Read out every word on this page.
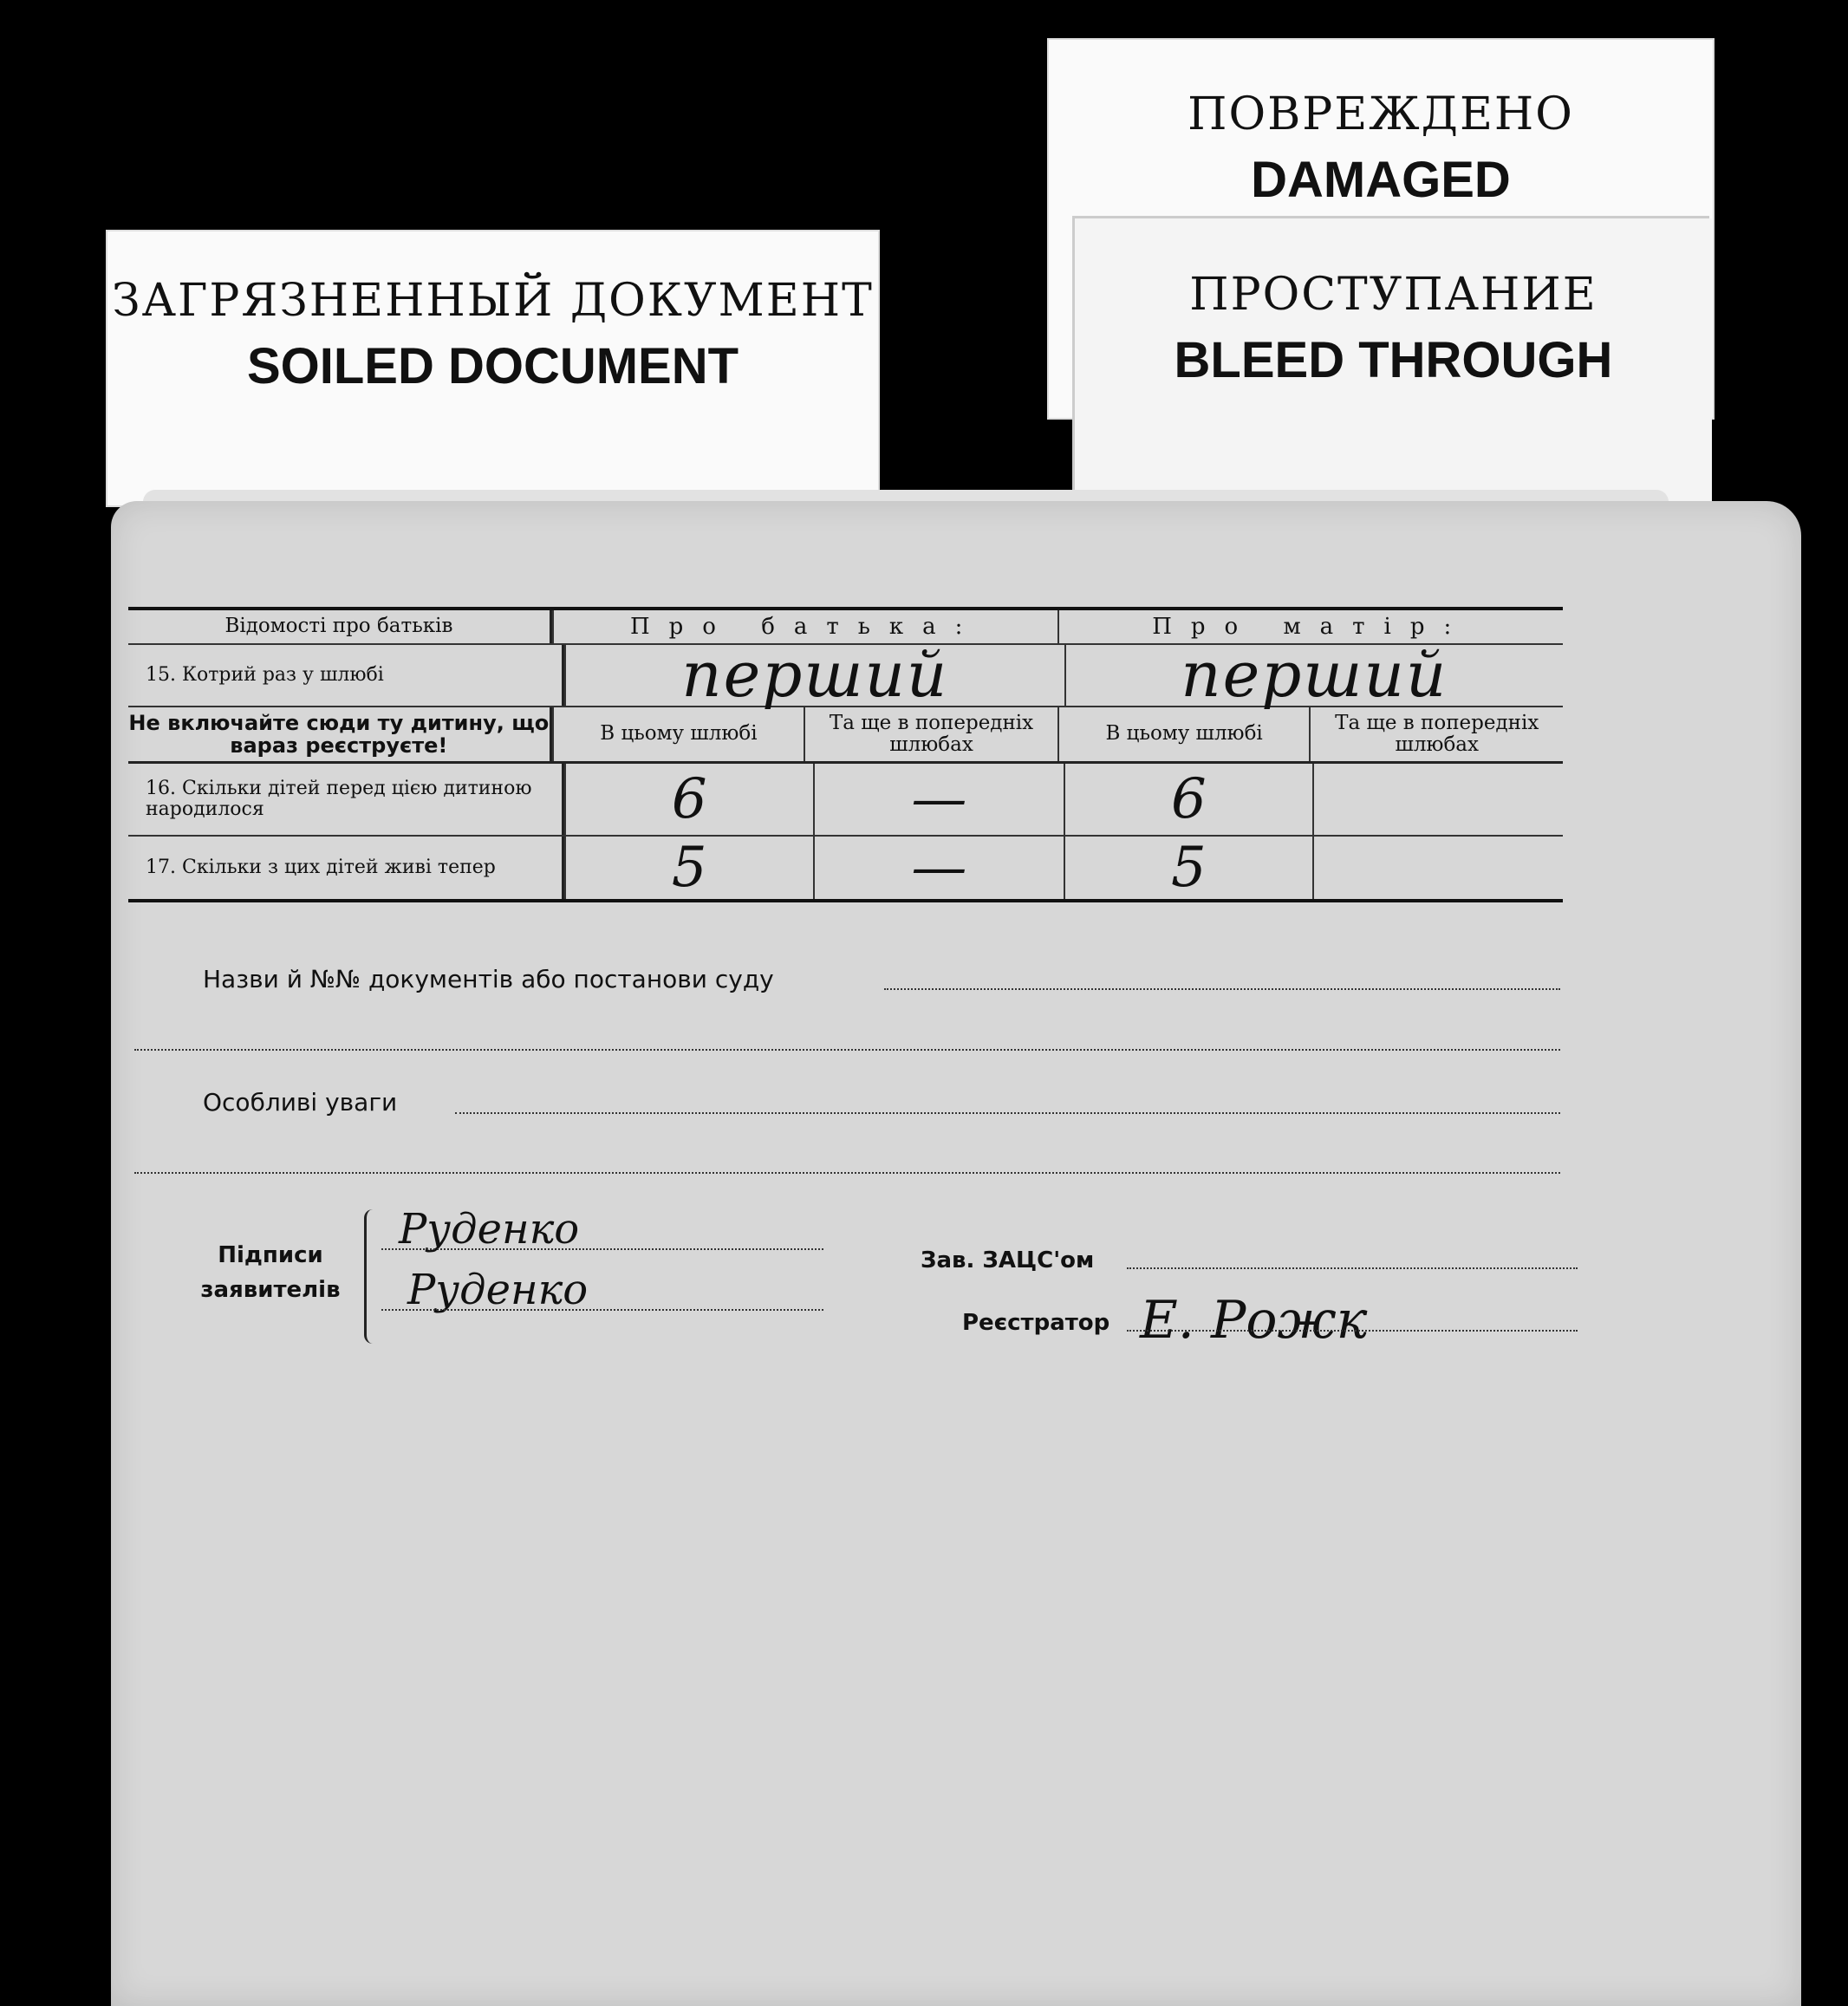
ЗАГРЯЗНЕННЫЙ ДОКУМЕНТ
SOILED DOCUMENT
ПОВРЕЖДЕНО
DAMAGED
ПРОСТУПАНИЕ
BLEED THROUGH
Відомості про батьків	Про батька:	Про матір:
15. Котрий раз у шлюбі	перший	перший
Не включайте сюди ту дитину, що вараз реєструєте!	В цьому шлюбі	Та ще в попередніх шлюбах	В цьому шлюбі	Та ще в попередніх шлюбах
16. Скільки дітей перед цією дитиною народилося	6	—	6
17. Скільки з цих дітей живі тепер	5	—	5
Назви й №№ документів або постанови суду
Особливі уваги
Підписи заявителів
Руденко
Руденко
Зав. ЗАЦС'ом
Реєстратор Е. Рожк
